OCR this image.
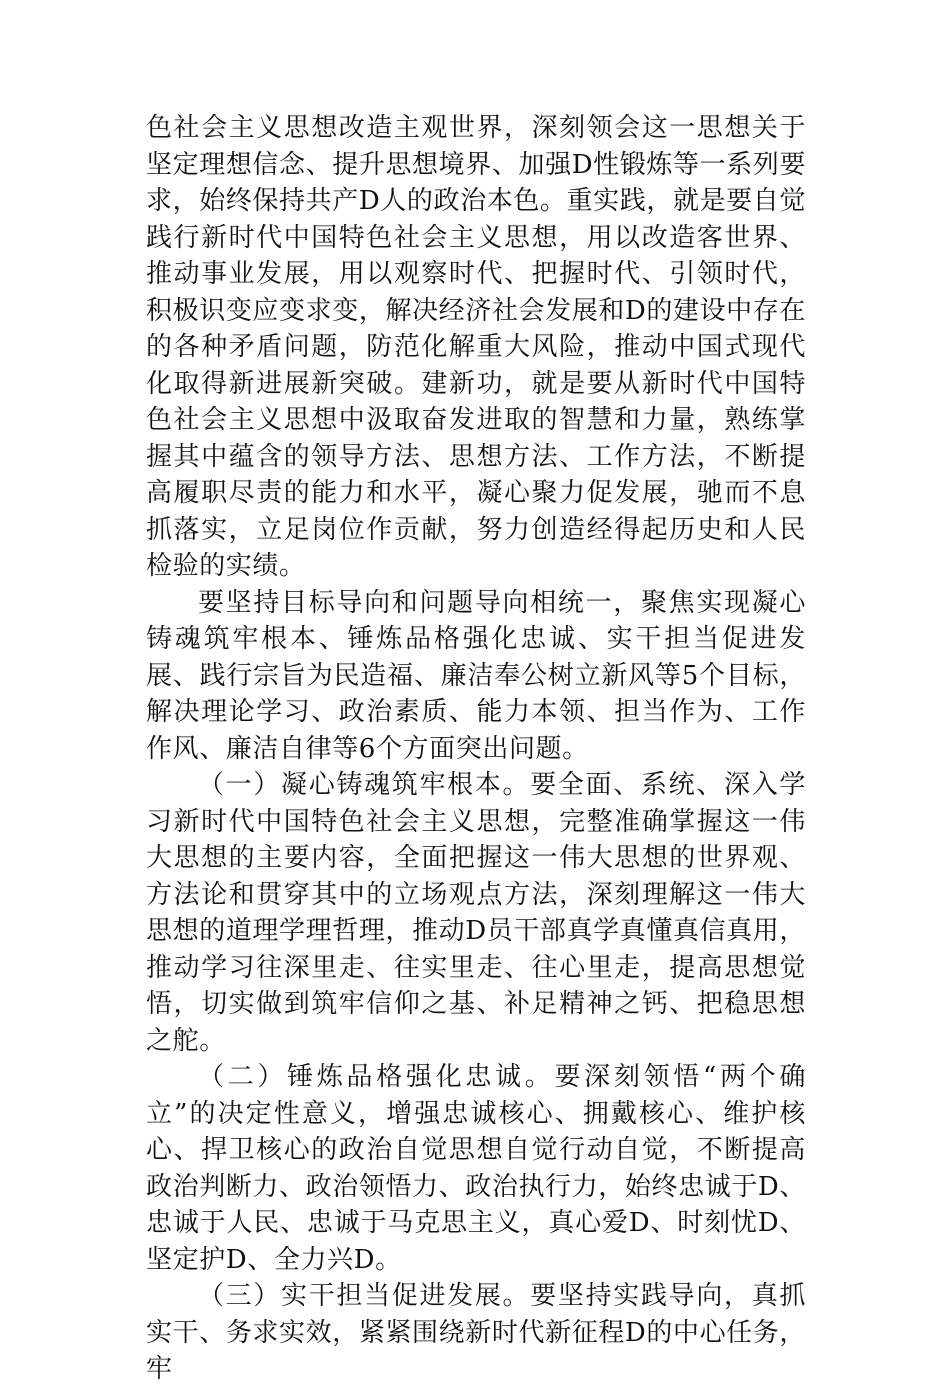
色社会主义思想改造主观世界，深刻领会这一思想关于坚定理想信念、提升思想境界、加强D性锻炼等一系列要求，始终保持共产D人的政治本色。重实践，就是要自觉践行新时代中国特色社会主义思想，用以改造客世界、推动事业发展，用以观察时代、把握时代、引领时代，积极识变应变求变，解决经济社会发展和D的建设中存在的各种矛盾问题，防范化解重大风险，推动中国式现代化取得新进展新突破。建新功，就是要从新时代中国特色社会主义思想中汲取奋发进取的智慧和力量，熟练掌握其中蕴含的领导方法、思想方法、工作方法，不断提高履职尽责的能力和水平，凝心聚力促发展，驰而不息抓落实，立足岗位作贡献，努力创造经得起历史和人民检验的实绩。

要坚持目标导向和问题导向相统一，聚焦实现凝心铸魂筑牢根本、锤炼品格强化忠诚、实干担当促进发展、践行宗旨为民造福、廉洁奉公树立新风等5个目标，解决理论学习、政治素质、能力本领、担当作为、工作作风、廉洁自律等6个方面突出问题。

（一）凝心铸魂筑牢根本。要全面、系统、深入学习新时代中国特色社会主义思想，完整准确掌握这一伟大思想的主要内容，全面把握这一伟大思想的世界观、方法论和贯穿其中的立场观点方法，深刻理解这一伟大思想的道理学理哲理，推动D员干部真学真懂真信真用，推动学习往深里走、往实里走、往心里走，提高思想觉悟，切实做到筑牢信仰之基、补足精神之钙、把稳思想之舵。

（二）锤炼品格强化忠诚。要深刻领悟“两个确立”的决定性意义，增强忠诚核心、拥戴核心、维护核心、捍卫核心的政治自觉思想自觉行动自觉，不断提高政治判断力、政治领悟力、政治执行力，始终忠诚于D、忠诚于人民、忠诚于马克思主义，真心爱D、时刻忧D、坚定护D、全力兴D。

（三）实干担当促进发展。要坚持实践导向，真抓实干、务求实效，紧紧围绕新时代新征程D的中心任务，牢
